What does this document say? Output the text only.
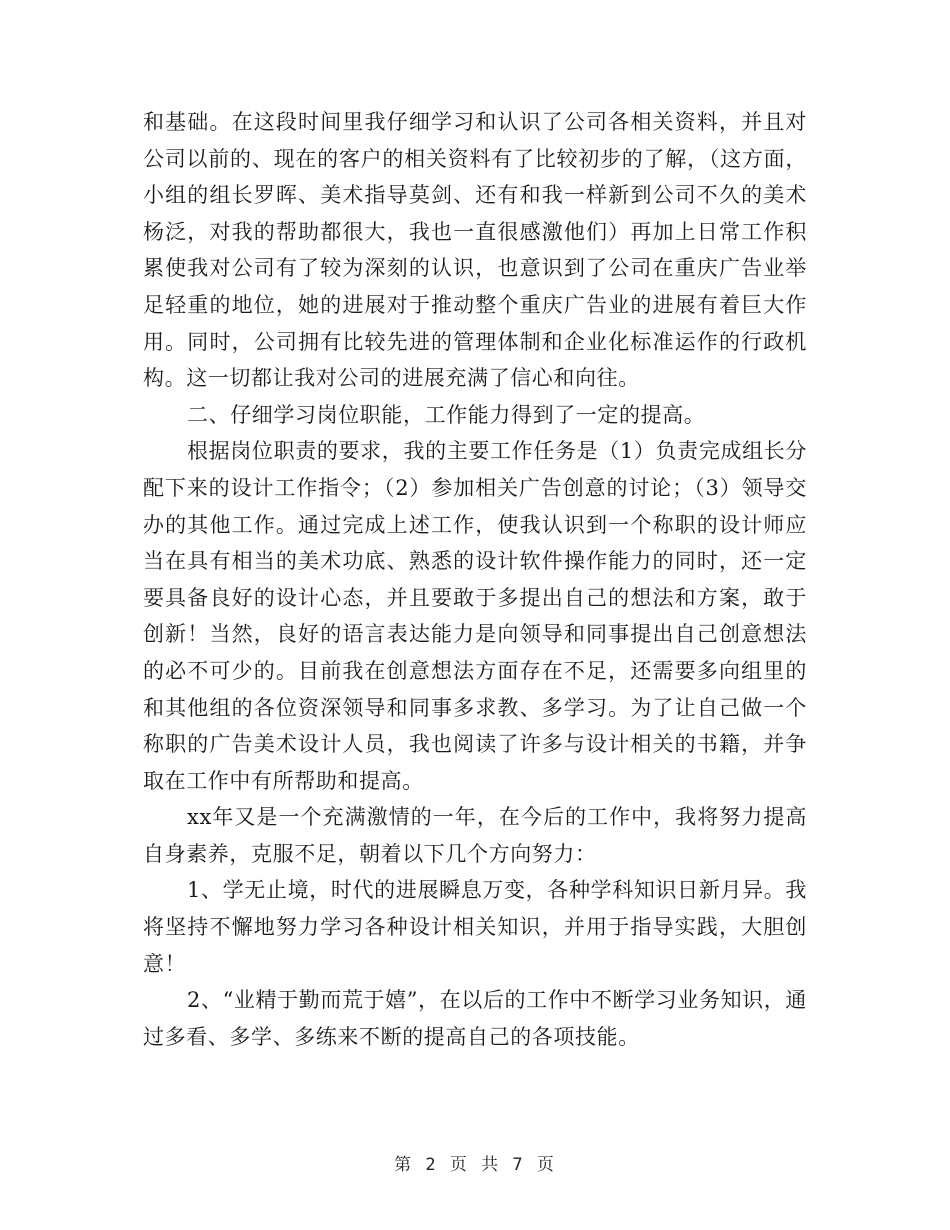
和基础。在这段时间里我仔细学习和认识了公司各相关资料，并且对公司以前的、现在的客户的相关资料有了比较初步的了解，（这方面，小组的组长罗晖、美术指导莫剑、还有和我一样新到公司不久的美术杨泛，对我的帮助都很大，我也一直很感激他们）再加上日常工作积累使我对公司有了较为深刻的认识，也意识到了公司在重庆广告业举足轻重的地位，她的进展对于推动整个重庆广告业的进展有着巨大作用。同时，公司拥有比较先进的管理体制和企业化标准运作的行政机构。这一切都让我对公司的进展充满了信心和向往。

二、仔细学习岗位职能，工作能力得到了一定的提高。

根据岗位职责的要求，我的主要工作任务是（1）负责完成组长分配下来的设计工作指令；（2）参加相关广告创意的讨论；（3）领导交办的其他工作。通过完成上述工作，使我认识到一个称职的设计师应当在具有相当的美术功底、熟悉的设计软件操作能力的同时，还一定要具备良好的设计心态，并且要敢于多提出自己的想法和方案，敢于创新！当然，良好的语言表达能力是向领导和同事提出自己创意想法的必不可少的。目前我在创意想法方面存在不足，还需要多向组里的和其他组的各位资深领导和同事多求教、多学习。为了让自己做一个称职的广告美术设计人员，我也阅读了许多与设计相关的书籍，并争取在工作中有所帮助和提高。

xx年又是一个充满激情的一年，在今后的工作中，我将努力提高自身素养，克服不足，朝着以下几个方向努力：

1、学无止境，时代的进展瞬息万变，各种学科知识日新月异。我将坚持不懈地努力学习各种设计相关知识，并用于指导实践，大胆创意！

2、“业精于勤而荒于嬉”，在以后的工作中不断学习业务知识，通过多看、多学、多练来不断的提高自己的各项技能。

第 2 页 共 7 页
